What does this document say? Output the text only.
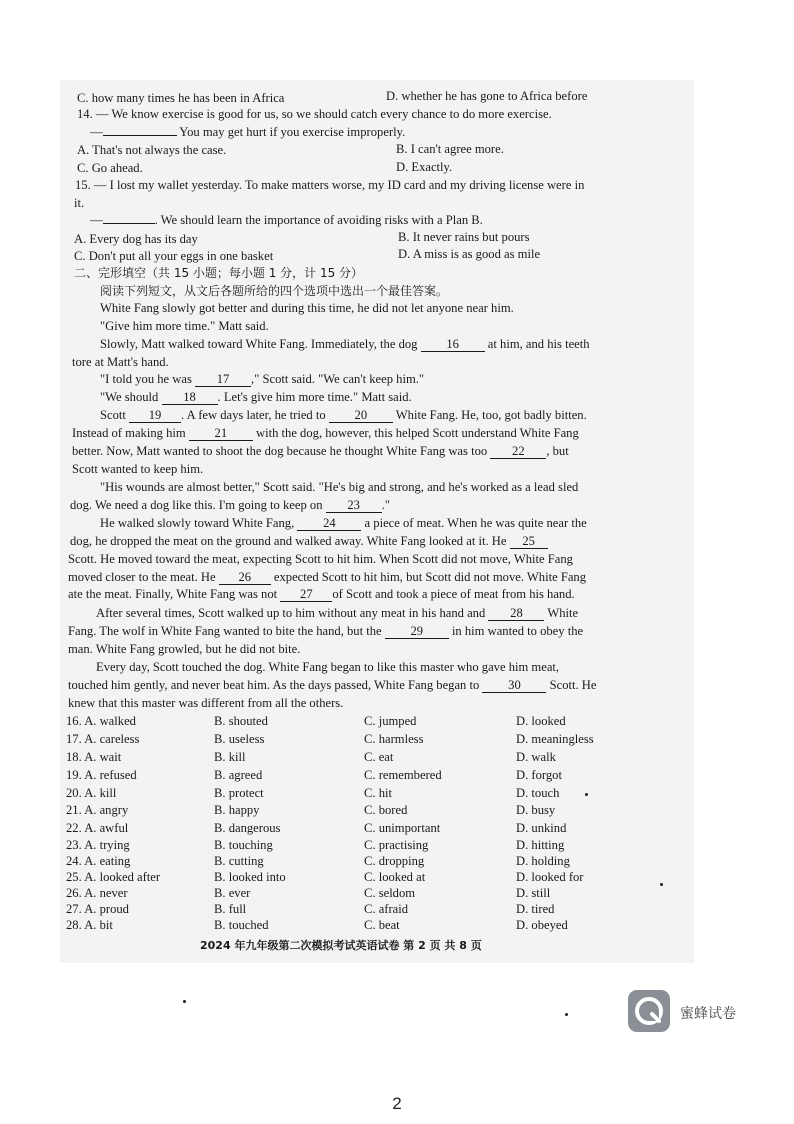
C. how many times he has been in Africa	D. whether he has gone to Africa before
14. — We know exercise is good for us, so we should catch every chance to do more exercise.
—	You may get hurt if you exercise improperly.
A. That's not always the case.	B. I can't agree more.
C. Go ahead.	D. Exactly.
15. — I lost my wallet yesterday. To make matters worse, my ID card and my driving license were in
it.
—	. We should learn the importance of avoiding risks with a Plan B.
A. Every dog has its day	B. It never rains but pours
C. Don't put all your eggs in one basket	D. A miss is as good as mile
二、完形填空（共 15 小题；每小题 1 分，计 15 分）
阅读下列短文，从文后各题所给的四个选项中选出一个最佳答案。
White Fang slowly got better and during this time, he did not let anyone near him.
"Give him more time." Matt said.
Slowly, Matt walked toward White Fang. Immediately, the dog 16 at him, and his teeth
tore at Matt's hand.
"I told you he was 17 ," Scott said. "We can't keep him."
"We should 18 . Let's give him more time." Matt said.
Scott 19 . A few days later, he tried to 20 White Fang. He, too, got badly bitten.
Instead of making him 21 with the dog, however, this helped Scott understand White Fang
better. Now, Matt wanted to shoot the dog because he thought White Fang was too 22 , but
Scott wanted to keep him.
"His wounds are almost better," Scott said. "He's big and strong, and he's worked as a lead sled
dog. We need a dog like this. I'm going to keep on 23 ."
He walked slowly toward White Fang, 24 a piece of meat. When he was quite near the
dog, he dropped the meat on the ground and walked away. White Fang looked at it. He 25
Scott. He moved toward the meat, expecting Scott to hit him. When Scott did not move, White Fang
moved closer to the meat. He 26 expected Scott to hit him, but Scott did not move. White Fang
ate the meat. Finally, White Fang was not 27 of Scott and took a piece of meat from his hand.
After several times, Scott walked up to him without any meat in his hand and 28 White
Fang. The wolf in White Fang wanted to bite the hand, but the 29 in him wanted to obey the
man. White Fang growled, but he did not bite.
Every day, Scott touched the dog. White Fang began to like this master who gave him meat,
touched him gently, and never beat him. As the days passed, White Fang began to 30 Scott. He
knew that this master was different from all the others.
16. A. walked	B. shouted	C. jumped	D. looked
17. A. careless	B. useless	C. harmless	D. meaningless
18. A. wait	B. kill	C. eat	D. walk
19. A. refused	B. agreed	C. remembered	D. forgot
20. A. kill	B. protect	C. hit	D. touch
21. A. angry	B. happy	C. bored	D. busy
22. A. awful	B. dangerous	C. unimportant	D. unkind
23. A. trying	B. touching	C. practising	D. hitting
24. A. eating	B. cutting	C. dropping	D. holding
25. A. looked after	B. looked into	C. looked at	D. looked for
26. A. never	B. ever	C. seldom	D. still
27. A. proud	B. full	C. afraid	D. tired
28. A. bit	B. touched	C. beat	D. obeyed
2024 年九年级第二次模拟考试英语试卷 第 2 页 共 8 页
蜜蜂试卷
2
